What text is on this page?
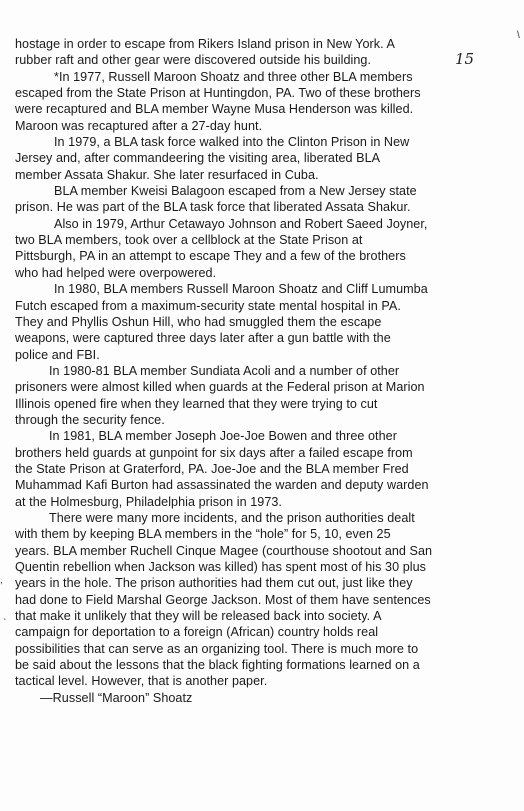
hostage in order to escape from Rikers Island prison in New York. A
rubber raft and other gear were discovered outside his building.
*In 1977, Russell Maroon Shoatz and three other BLA members
escaped from the State Prison at Huntingdon, PA. Two of these brothers
were recaptured and BLA member Wayne Musa Henderson was killed.
Maroon was recaptured after a 27-day hunt.
In 1979, a BLA task force walked into the Clinton Prison in New
Jersey and, after commandeering the visiting area, liberated BLA
member Assata Shakur. She later resurfaced in Cuba.
BLA member Kweisi Balagoon escaped from a New Jersey state
prison. He was part of the BLA task force that liberated Assata Shakur.
Also in 1979, Arthur Cetawayo Johnson and Robert Saeed Joyner,
two BLA members, took over a cellblock at the State Prison at
Pittsburgh, PA in an attempt to escape They and a few of the brothers
who had helped were overpowered.
In 1980, BLA members Russell Maroon Shoatz and Cliff Lumumba
Futch escaped from a maximum-security state mental hospital in PA.
They and Phyllis Oshun Hill, who had smuggled them the escape
weapons, were captured three days later after a gun battle with the
police and FBI.
In 1980-81 BLA member Sundiata Acoli and a number of other
prisoners were almost killed when guards at the Federal prison at Marion
Illinois opened fire when they learned that they were trying to cut
through the security fence.
In 1981, BLA member Joseph Joe-Joe Bowen and three other
brothers held guards at gunpoint for six days after a failed escape from
the State Prison at Graterford, PA. Joe-Joe and the BLA member Fred
Muhammad Kafi Burton had assassinated the warden and deputy warden
at the Holmesburg, Philadelphia prison in 1973.
There were many more incidents, and the prison authorities dealt
with them by keeping BLA members in the “hole” for 5, 10, even 25
years. BLA member Ruchell Cinque Magee (courthouse shootout and San
Quentin rebellion when Jackson was killed) has spent most of his 30 plus
years in the hole. The prison authorities had them cut out, just like they
had done to Field Marshal George Jackson. Most of them have sentences
that make it unlikely that they will be released back into society. A
campaign for deportation to a foreign (African) country holds real
possibilities that can serve as an organizing tool. There is much more to
be said about the lessons that the black fighting formations learned on a
tactical level. However, that is another paper.
—Russell “Maroon” Shoatz
15
\
,
`
